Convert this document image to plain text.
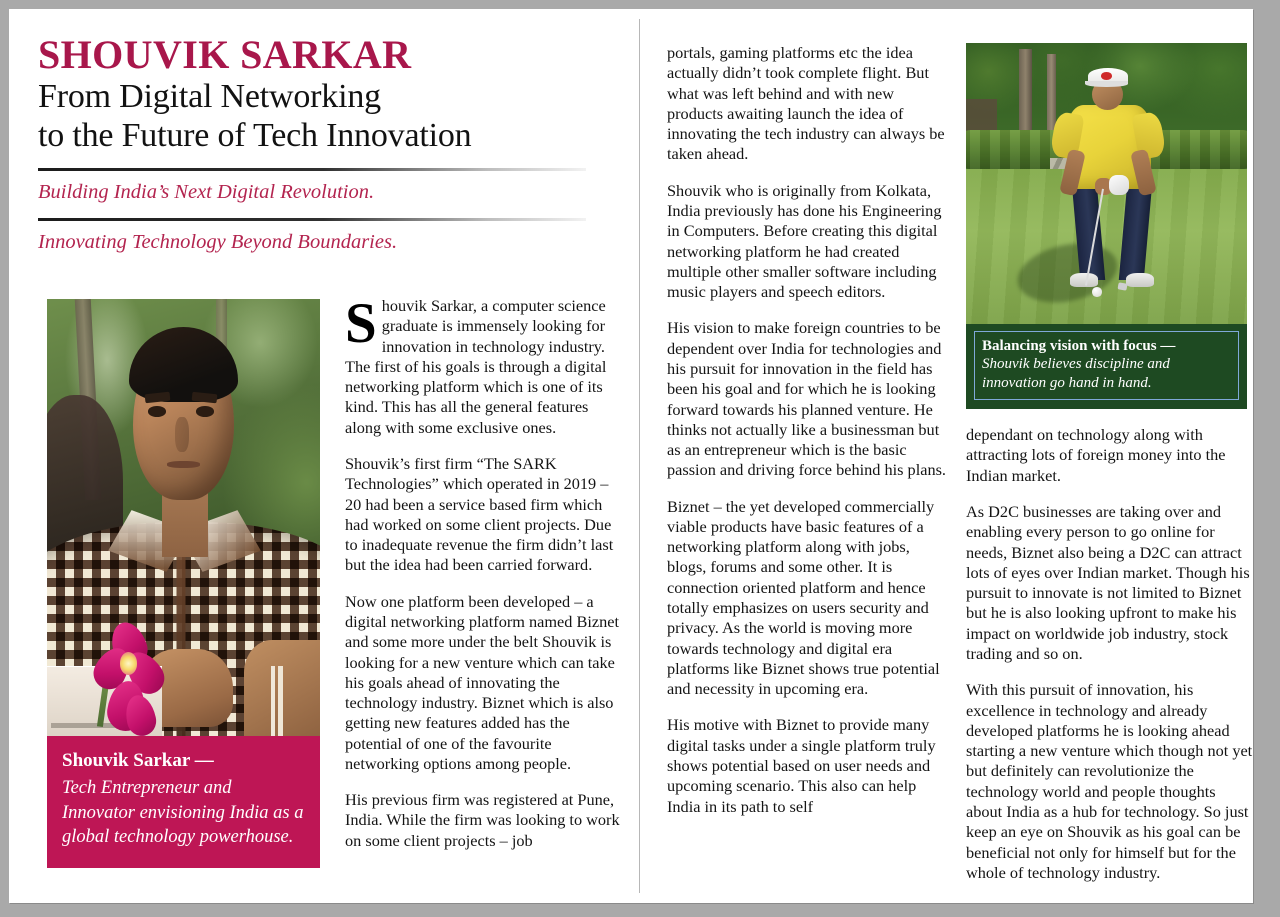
SHOUVIK SARKAR
From Digital Networking
to the Future of Tech Innovation
Building India’s Next Digital Revolution.
Innovating Technology Beyond Boundaries.
Shouvik Sarkar —
Tech Entrepreneur and Innovator envisioning India as a global technology powerhouse.

Shouvik Sarkar, a computer science graduate is immensely looking for innovation in technology industry. The first of his goals is through a digital networking platform which is one of its kind. This has all the general features along with some exclusive ones.

Shouvik’s first firm “The SARK Technologies” which operated in 2019 – 20 had been a service based firm which had worked on some client projects. Due to inadequate revenue the firm didn’t last but the idea had been carried forward.

Now one platform been developed – a digital networking platform named Biznet and some more under the belt Shouvik is looking for a new venture which can take his goals ahead of innovating the technology industry. Biznet which is also getting new features added has the potential of one of the favourite networking options among people.

His previous firm was registered at Pune, India. While the firm was looking to work on some client projects – job

portals, gaming platforms etc the idea actually didn’t took complete flight. But what was left behind and with new products awaiting launch the idea of innovating the tech industry can always be taken ahead.

Shouvik who is originally from Kolkata, India previously has done his Engineering in Computers. Before creating this digital networking platform he had created multiple other smaller software including music players and speech editors.

His vision to make foreign countries to be dependent over India for technologies and his pursuit for innovation in the field has been his goal and for which he is looking forward towards his planned venture. He thinks not actually like a businessman but as an entrepreneur which is the basic passion and driving force behind his plans.

Biznet – the yet developed commercially viable products have basic features of a networking platform along with jobs, blogs, forums and some other. It is connection oriented platform and hence totally emphasizes on users security and privacy. As the world is moving more towards technology and digital era platforms like Biznet shows true potential and necessity in upcoming era.

His motive with Biznet to provide many digital tasks under a single platform truly shows potential based on user needs and upcoming scenario. This also can help India in its path to self

Balancing vision with focus —
Shouvik believes discipline and innovation go hand in hand.

dependant on technology along with attracting lots of foreign money into the Indian market.

As D2C businesses are taking over and enabling every person to go online for needs, Biznet also being a D2C can attract lots of eyes over Indian market. Though his pursuit to innovate is not limited to Biznet but he is also looking upfront to make his impact on worldwide job industry, stock trading and so on.

With this pursuit of innovation, his excellence in technology and already developed platforms he is looking ahead starting a new venture which though not yet but definitely can revolutionize the technology world and people thoughts about India as a hub for technology. So just keep an eye on Shouvik as his goal can be beneficial not only for himself but for the whole of technology industry.
